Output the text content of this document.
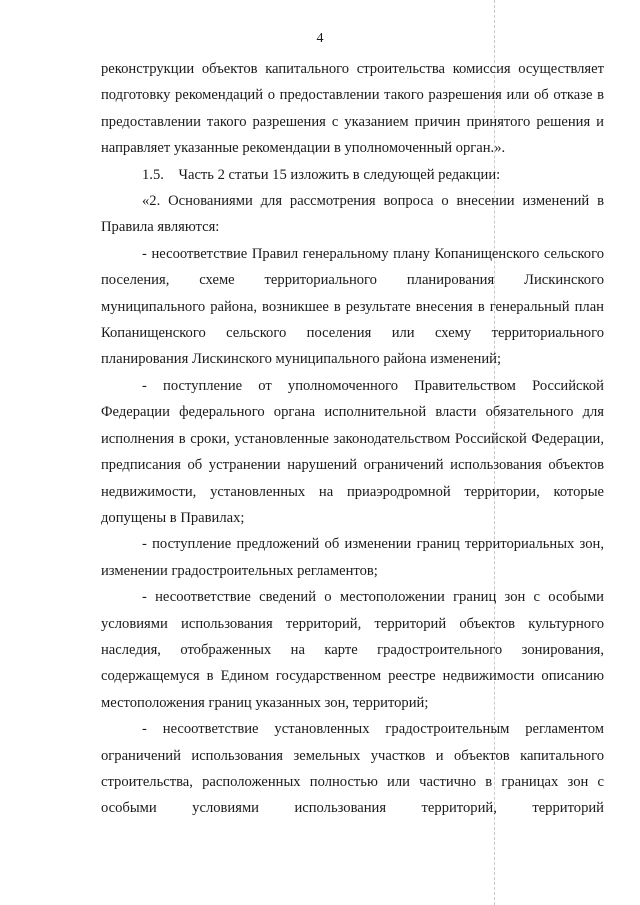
4

реконструкции объектов капитального строительства комиссия осуществляет подготовку рекомендаций о предоставлении такого разрешения или об отказе в предоставлении такого разрешения с указанием причин принятого решения и направляет указанные рекомендации в уполномоченный орган.».

1.5.    Часть 2 статьи 15 изложить в следующей редакции:

«2. Основаниями для рассмотрения вопроса о внесении изменений в Правила являются:

- несоответствие Правил генеральному плану Копанищенского сельского поселения, схеме территориального планирования Лискинского муниципального района, возникшее в результате внесения в генеральный план Копанищенского сельского поселения или схему территориального планирования Лискинского муниципального района изменений;

- поступление от уполномоченного Правительством Российской Федерации федерального органа исполнительной власти обязательного для исполнения в сроки, установленные законодательством Российской Федерации, предписания об устранении нарушений ограничений использования объектов недвижимости, установленных на приаэродромной территории, которые допущены в Правилах;

- поступление предложений об изменении границ территориальных зон, изменении градостроительных регламентов;

- несоответствие сведений о местоположении границ зон с особыми условиями использования территорий, территорий объектов культурного наследия, отображенных на карте градостроительного зонирования, содержащемуся в Едином государственном реестре недвижимости описанию местоположения границ указанных зон, территорий;

- несоответствие установленных градостроительным регламентом ограничений использования земельных участков и объектов капитального строительства, расположенных полностью или частично в границах зон с особыми условиями использования территорий, территорий
